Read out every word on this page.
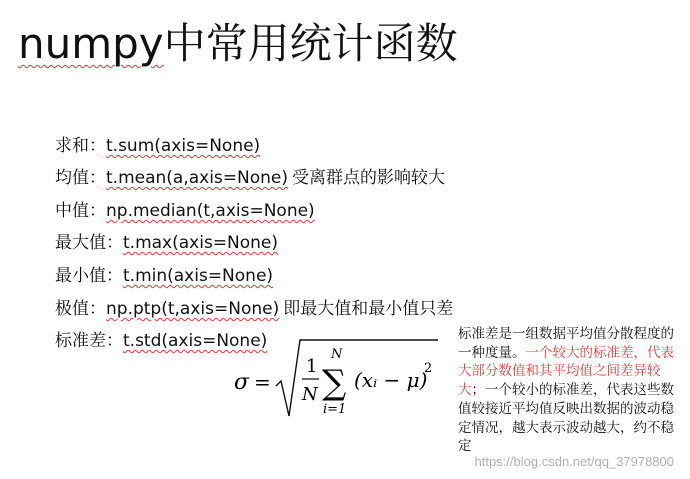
numpy中常用统计函数
求和：t.sum(axis=None)
均值：t.mean(a,axis=None) 受离群点的影响较大
中值：np.median(t,axis=None)
最大值：t.max(axis=None)
最小值：t.min(axis=None)
极值：np.ptp(t,axis=None) 即最大值和最小值只差
标准差：t.std(axis=None)
σ =
1
N
N
∑
i=1
(xᵢ − μ)
2
标准差是一组数据平均值分散程度的一种度量。一个较大的标准差，代表大部分数值和其平均值之间差异较大；一个较小的标准差，代表这些数值较接近平均值反映出数据的波动稳定情况，越大表示波动越大，约不稳定
https://blog.csdn.net/qq_37978800
